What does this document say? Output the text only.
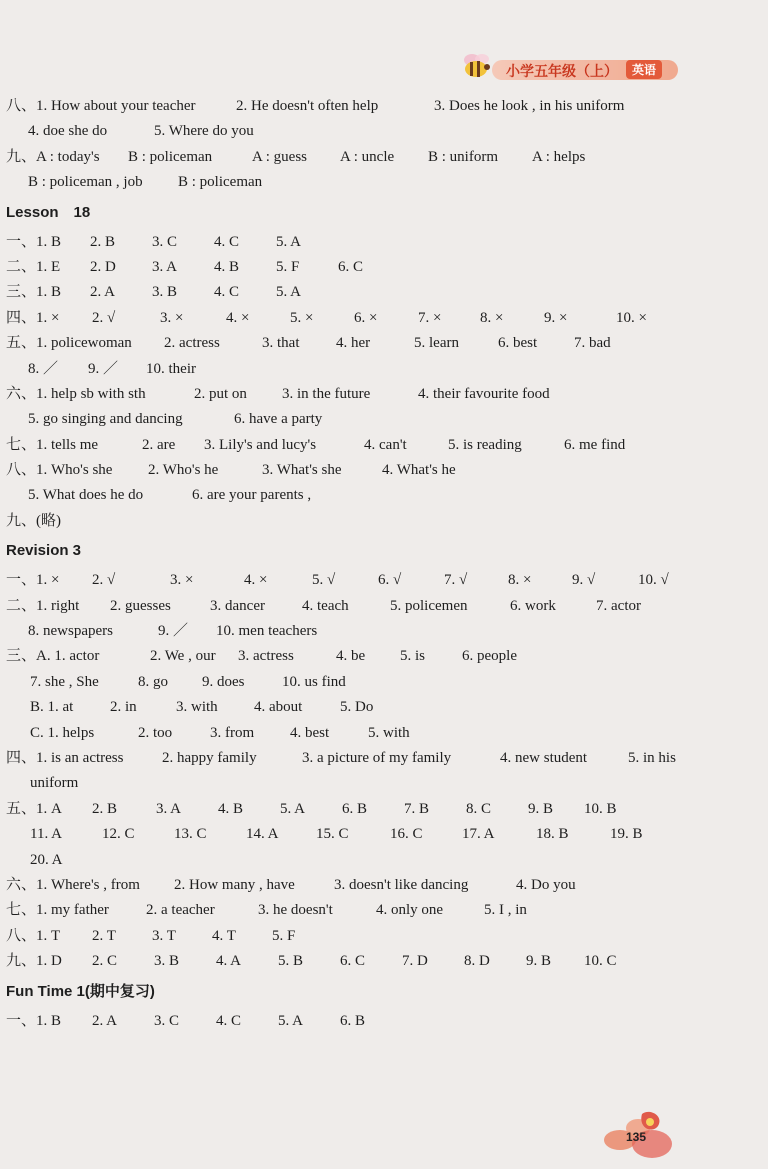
小学五年级（上）	英语
八、1. How about your teacher	2. He doesn't often help	3. Does he look , in his uniform
4. doe she do	5. Where do you
九、A : today's B : policeman	A : guess A : uncle B : uniform A : helps
B : policeman , job B : policeman
Lesson　18
一、1. B 2. B 3. C 4. C 5. A
二、1. E 2. D 3. A 4. B 5. F	6. C
三、1. B 2. A 3. B 4. C 5. A
四、1. × 2. √	3. ×	4. ×	5. ×	6. ×	7. ×	8. ×	9. ×	10. ×
五、1. policewoman 2. actress	3. that 4. her	5. learn	6. best 7. bad
8. ／ 9. ／ 10. their
六、1. help sb with sth	2. put on 3. in the future	4. their favourite food
5. go singing and dancing	6. have a party
七、1. tells me	2. are 3. Lily's and lucy's	4. can't	5. is reading	6. me find
八、1. Who's she 2. Who's he	3. What's she	4. What's he
5. What does he do	6. are your parents ,
九、(略)
Revision 3
一、1. × 2. √	3. ×	4. ×	5. √	6. √	7. √	8. ×	9. √	10. √
二、1. right 2. guesses	3. dancer 4. teach	5. policemen	6. work	7. actor
8. newspapers	9. ／ 10. men teachers
三、A. 1. actor	2. We , our 3. actress	4. be 5. is 6. people
7. she , She	8. go 9. does	10. us find
B. 1. at 2. in	3. with 4. about	5. Do
C. 1. helps	2. too	3. from 4. best	5. with
四、1. is an actress	2. happy family	3. a picture of my family	4. new student	5. in his
uniform
五、1. A 2. B	3. A 4. B 5. A 6. B 7. B 8. C 9. B 10. B
11. A	12. C	13. C	14. A 15. C	16. C	17. A	18. B	19. B
20. A
六、1. Where's , from 2. How many , have	3. doesn't like dancing	4. Do you
七、1. my father 2. a teacher	3. he doesn't	4. only one	5. I , in
八、1. T 2. T 3. T 4. T 5. F
九、1. D 2. C 3. B 4. A 5. B 6. C 7. D 8. D 9. B 10. C
Fun Time 1(期中复习)
一、1. B 2. A 3. C 4. C 5. A 6. B
135
